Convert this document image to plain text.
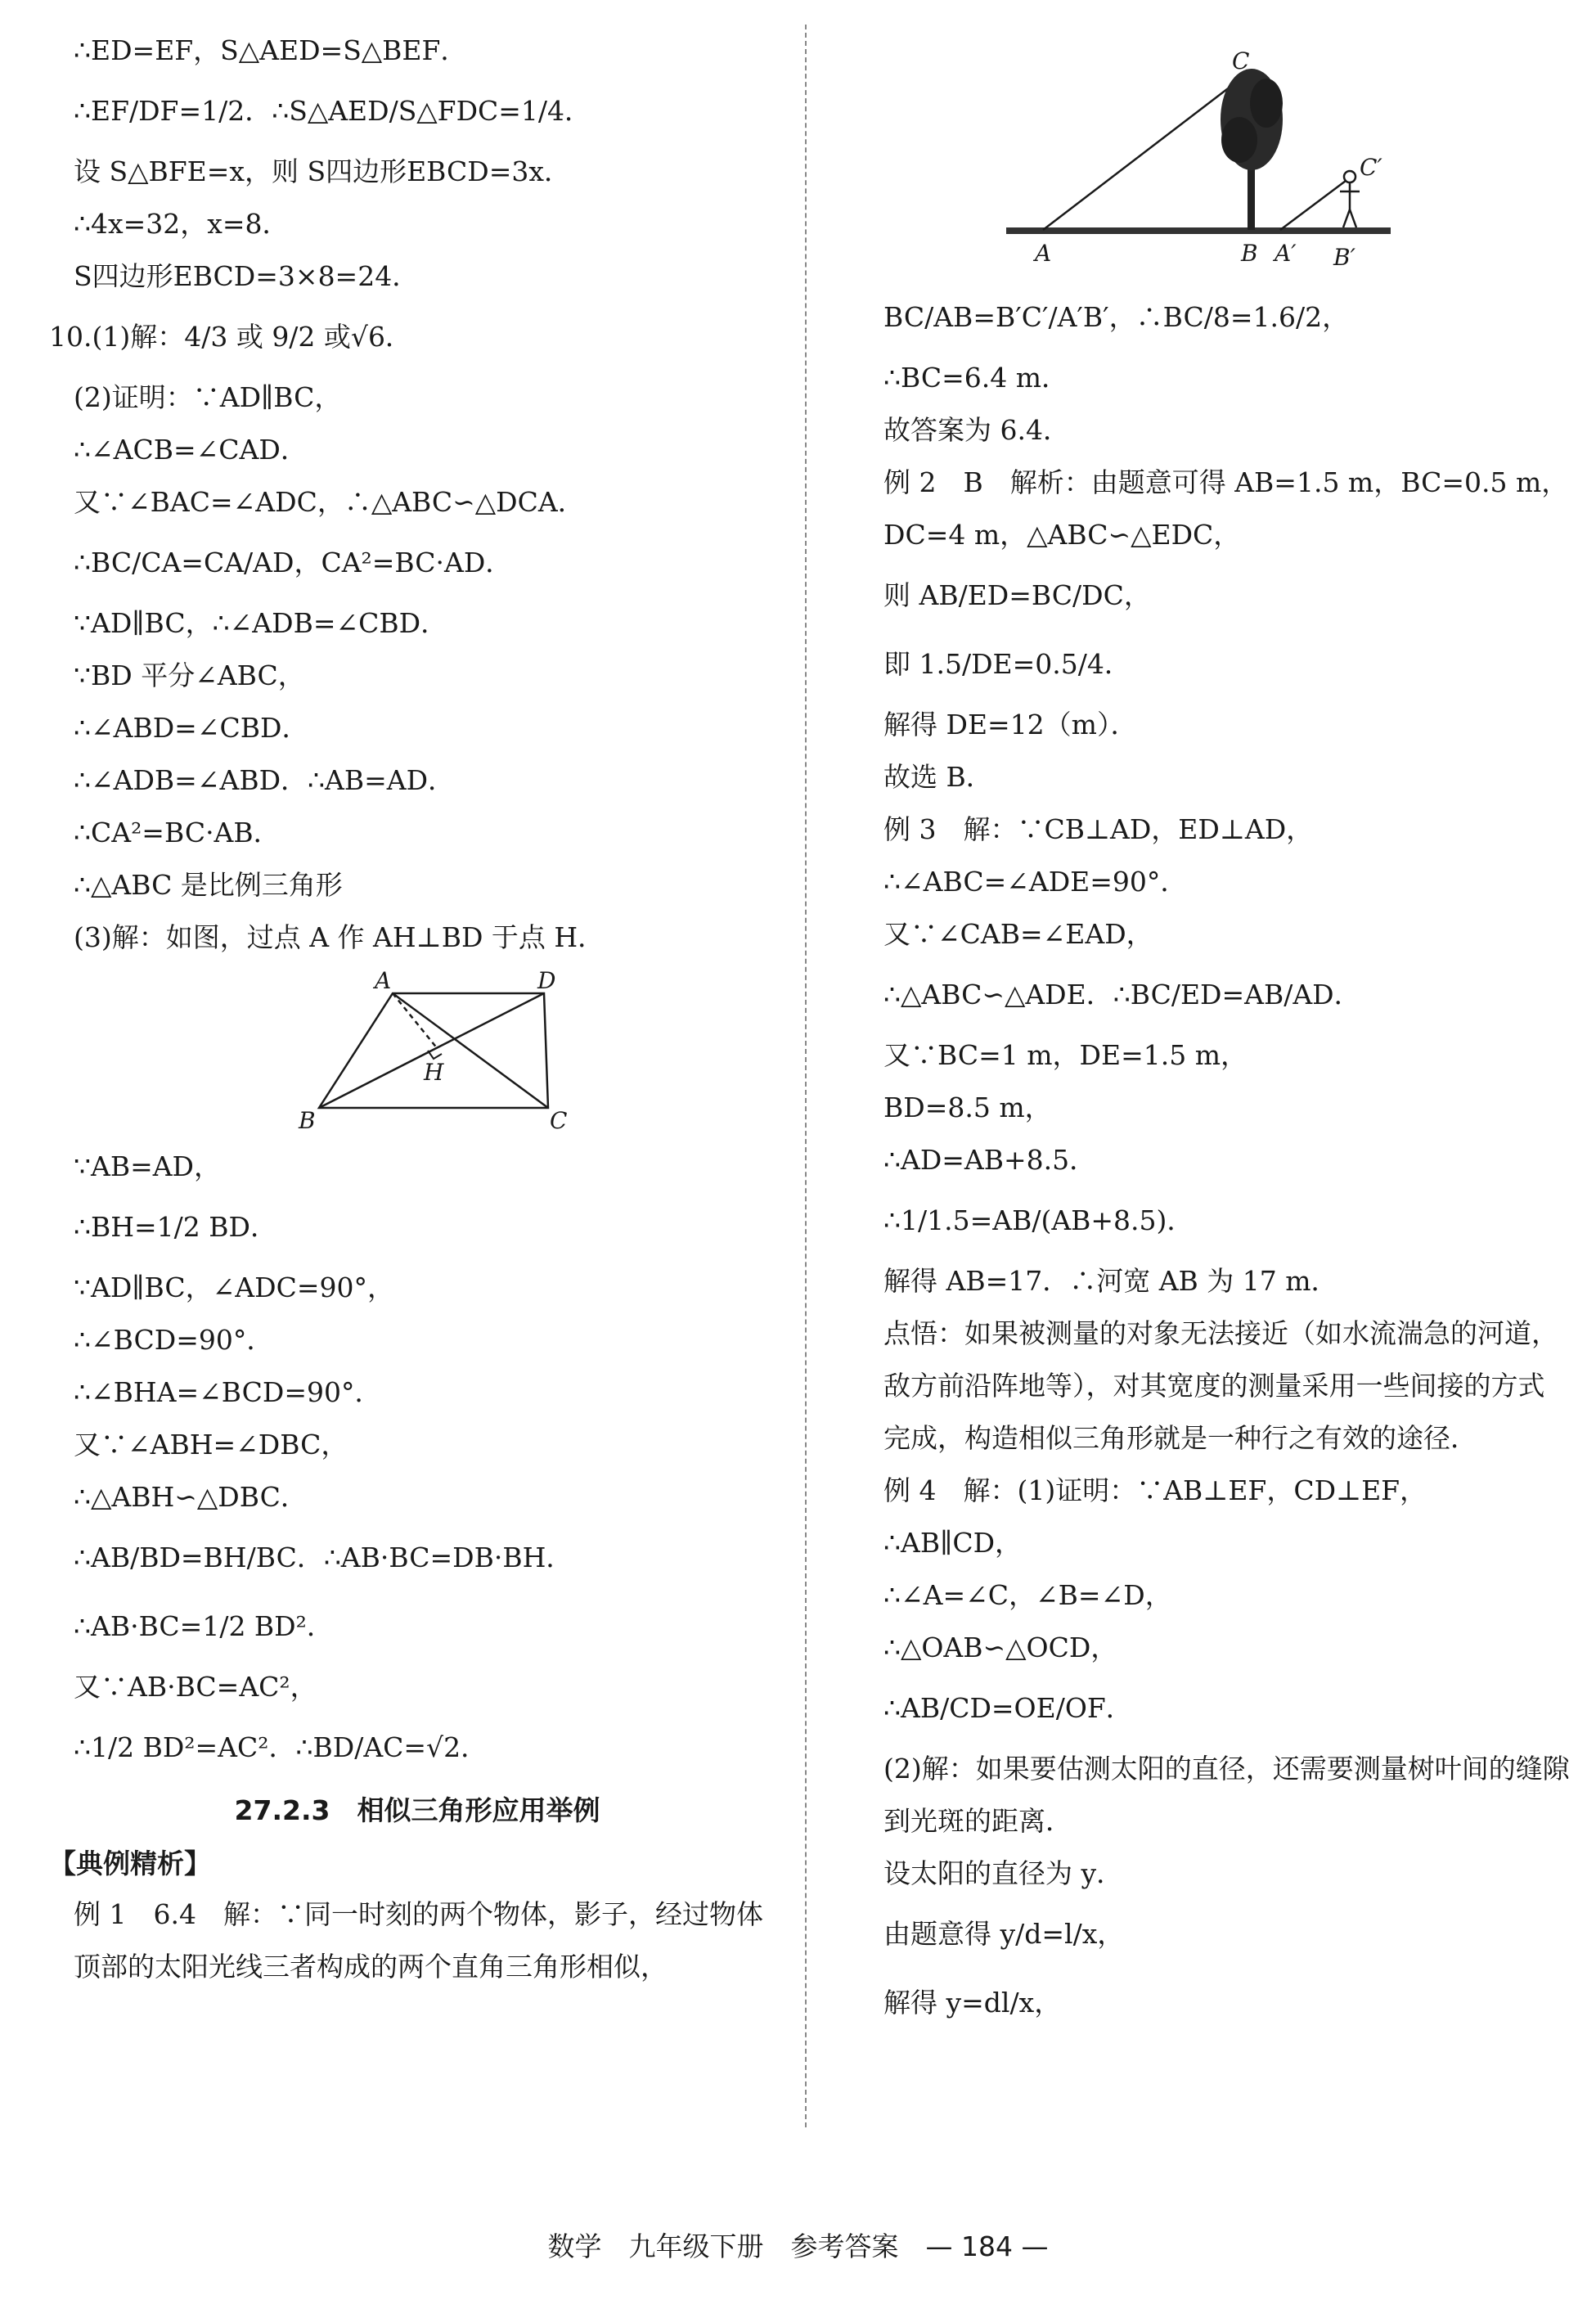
∴ED=EF，S△AED=S△BEF．
∴EF/DF=1/2．∴S△AED/S△FDC=1/4．
设 S△BFE=x，则 S四边形EBCD=3x．
∴4x=32，x=8．
S四边形EBCD=3×8=24．
10.(1)解：4/3 或 9/2 或√6．
(2)证明：∵AD∥BC，
∴∠ACB=∠CAD．
又∵∠BAC=∠ADC，∴△ABC∽△DCA．
∴BC/CA=CA/AD，CA²=BC·AD．
∵AD∥BC，∴∠ADB=∠CBD．
∵BD 平分∠ABC，
∴∠ABD=∠CBD．
∴∠ADB=∠ABD．∴AB=AD．
∴CA²=BC·AB．
∴△ABC 是比例三角形
(3)解：如图，过点 A 作 AH⊥BD 于点 H．
A	D
H
B	C
∵AB=AD，
∴BH=1/2 BD．
∵AD∥BC，∠ADC=90°，
∴∠BCD=90°．
∴∠BHA=∠BCD=90°．
又∵∠ABH=∠DBC，
∴△ABH∽△DBC．
∴AB/BD=BH/BC．∴AB·BC=DB·BH．
∴AB·BC=1/2 BD²．
又∵AB·BC=AC²，
∴1/2 BD²=AC²．∴BD/AC=√2．
27.2.3　相似三角形应用举例
【典例精析】
例 1　6.4　解：∵同一时刻的两个物体，影子，经过物体顶部的太阳光线三者构成的两个直角三角形相似，
C
C′
A	B A′ B′
BC/AB=B′C′/A′B′，∴BC/8=1.6/2，
∴BC=6.4 m．
故答案为 6.4．
例 2　B　解析：由题意可得 AB=1.5 m，BC=0.5 m，DC=4 m，△ABC∽△EDC，
则 AB/ED=BC/DC，
即 1.5/DE=0.5/4．
解得 DE=12（m）．
故选 B．
例 3　解：∵CB⊥AD，ED⊥AD，
∴∠ABC=∠ADE=90°．
又∵∠CAB=∠EAD，
∴△ABC∽△ADE．∴BC/ED=AB/AD．
又∵BC=1 m，DE=1.5 m，
BD=8.5 m，
∴AD=AB+8.5．
∴1/1.5=AB/(AB+8.5)．
解得 AB=17．∴河宽 AB 为 17 m．
点悟：如果被测量的对象无法接近（如水流湍急的河道，敌方前沿阵地等），对其宽度的测量采用一些间接的方式完成，构造相似三角形就是一种行之有效的途径．
例 4　解：(1)证明：∵AB⊥EF，CD⊥EF，
∴AB∥CD，
∴∠A=∠C，∠B=∠D，
∴△OAB∽△OCD，
∴AB/CD=OE/OF．
(2)解：如果要估测太阳的直径，还需要测量树叶间的缝隙到光斑的距离．
设太阳的直径为 y．
由题意得 y/d=l/x，
解得 y=dl/x，
数学　九年级下册　参考答案　— 184 —
